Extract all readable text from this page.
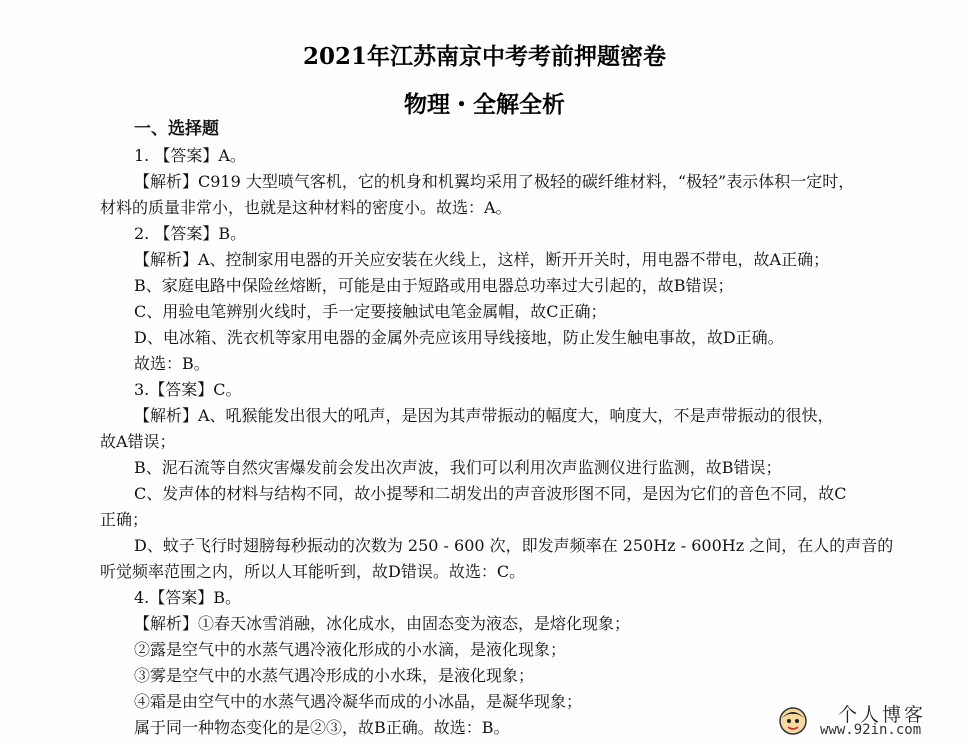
2021年江苏南京中考考前押题密卷
物理・全解全析
一、选择题
1. 【答案】A。
【解析】C919 大型喷气客机，它的机身和机翼均采用了极轻的碳纤维材料，“极轻”表示体积一定时，
材料的质量非常小，也就是这种材料的密度小。故选：A。
2. 【答案】B。
【解析】A、控制家用电器的开关应安装在火线上，这样，断开开关时，用电器不带电，故A正确；
B、家庭电路中保险丝熔断，可能是由于短路或用电器总功率过大引起的，故B错误；
C、用验电笔辨别火线时，手一定要接触试电笔金属帽，故C正确；
D、电冰箱、洗衣机等家用电器的金属外壳应该用导线接地，防止发生触电事故，故D正确。
故选：B。
3.【答案】C。
【解析】A、吼猴能发出很大的吼声，是因为其声带振动的幅度大，响度大，不是声带振动的很快，
故A错误；
B、泥石流等自然灾害爆发前会发出次声波，我们可以利用次声监测仪进行监测，故B错误；
C、发声体的材料与结构不同，故小提琴和二胡发出的声音波形图不同，是因为它们的音色不同，故C
正确；
D、蚊子飞行时翅膀每秒振动的次数为 250 - 600 次，即发声频率在 250Hz - 600Hz 之间，在人的声音的
听觉频率范围之内，所以人耳能听到，故D错误。故选：C。
4.【答案】B。
【解析】①春天冰雪消融，冰化成水，由固态变为液态，是熔化现象；
②露是空气中的水蒸气遇冷液化形成的小水滴，是液化现象；
③雾是空气中的水蒸气遇冷形成的小水珠，是液化现象；
④霜是由空气中的水蒸气遇冷凝华而成的小冰晶，是凝华现象；
属于同一种物态变化的是②③，故B正确。故选：B。
个人博客
www.92in.com
